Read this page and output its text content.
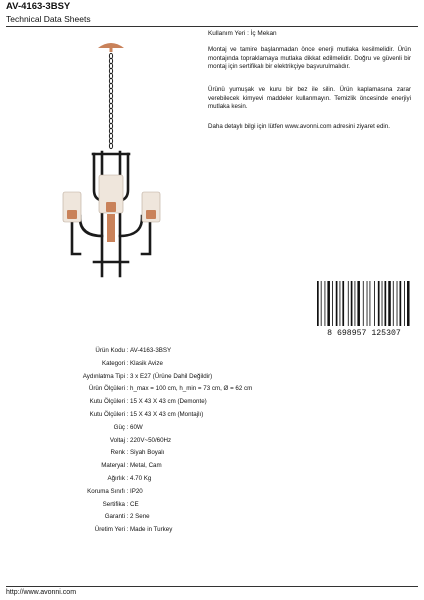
AV-4163-3BSY
Technical Data Sheets
Kullanım Yeri : İç Mekan
Montaj ve tamire başlanmadan önce enerji mutlaka kesilmelidir. Ürün montajında topraklamaya mutlaka dikkat edilmelidir. Doğru ve güvenli bir montaj için sertifikalı bir elektrikçiye başvurulmalıdır.
Ürünü yumuşak ve kuru bir bez ile silin. Ürün kaplamasına zarar verebilecek kimyevi maddeler kullanmayın. Temizlik öncesinde enerjiyi mutlaka kesin.
Daha detaylı bilgi için lütfen www.avonni.com adresini ziyaret edin.
8 698957 125307
Ürün Kodu : AV-4163-3BSY
Kategori : Klasik Avize
Aydınlatma Tipi : 3 x E27 (Ürüne Dahil Değildir)
Ürün Ölçüleri : h_max = 100 cm, h_min = 73 cm, Ø = 62 cm
Kutu Ölçüleri : 15 X 43 X 43 cm (Demonte)
Kutu Ölçüleri : 15 X 43 X 43 cm (Montajlı)
Güç : 60W
Voltaj : 220V~50/60Hz
Renk : Siyah Boyalı
Materyal : Metal, Cam
Ağırlık : 4.70 Kg
Koruma Sınıfı : IP20
Sertifika : CE
Garanti : 2 Sene
Üretim Yeri : Made in Turkey
http://www.avonni.com
